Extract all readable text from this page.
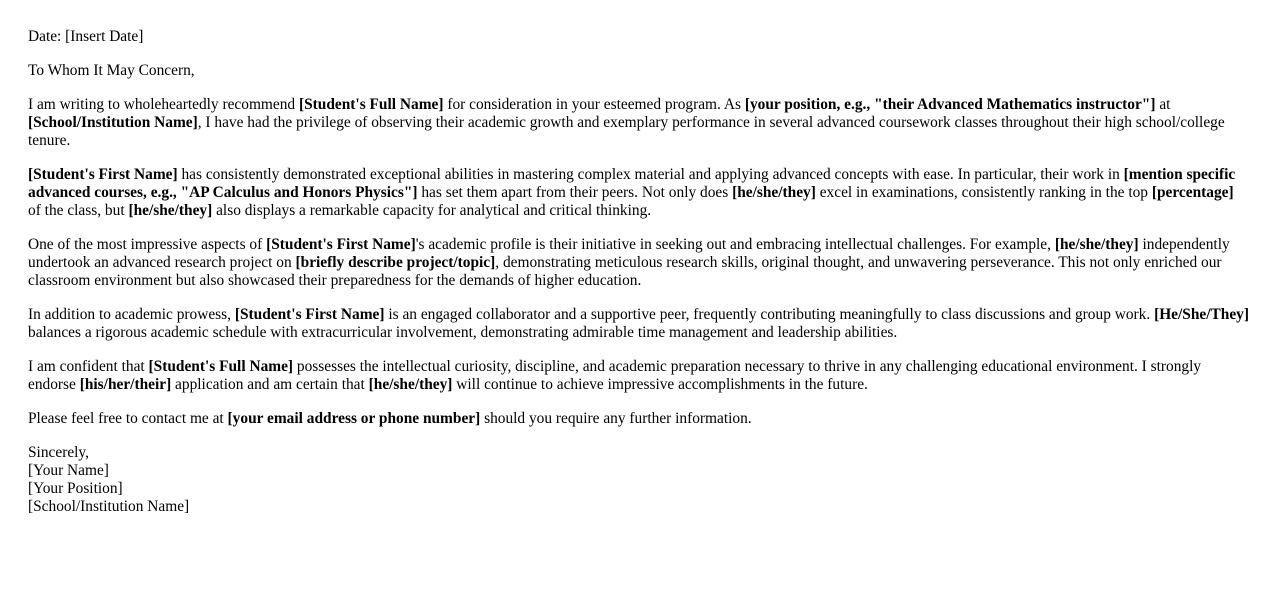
Date: [Insert Date]

To Whom It May Concern,

I am writing to wholeheartedly recommend [Student's Full Name] for consideration in your esteemed program. As [your position, e.g., "their Advanced Mathematics instructor"] at [School/Institution Name], I have had the privilege of observing their academic growth and exemplary performance in several advanced coursework classes throughout their high school/college tenure.

[Student's First Name] has consistently demonstrated exceptional abilities in mastering complex material and applying advanced concepts with ease. In particular, their work in [mention specific advanced courses, e.g., "AP Calculus and Honors Physics"] has set them apart from their peers. Not only does [he/she/they] excel in examinations, consistently ranking in the top [percentage] of the class, but [he/she/they] also displays a remarkable capacity for analytical and critical thinking.

One of the most impressive aspects of [Student's First Name]'s academic profile is their initiative in seeking out and embracing intellectual challenges. For example, [he/she/they] independently undertook an advanced research project on [briefly describe project/topic], demonstrating meticulous research skills, original thought, and unwavering perseverance. This not only enriched our classroom environment but also showcased their preparedness for the demands of higher education.

In addition to academic prowess, [Student's First Name] is an engaged collaborator and a supportive peer, frequently contributing meaningfully to class discussions and group work. [He/She/They] balances a rigorous academic schedule with extracurricular involvement, demonstrating admirable time management and leadership abilities.

I am confident that [Student's Full Name] possesses the intellectual curiosity, discipline, and academic preparation necessary to thrive in any challenging educational environment. I strongly endorse [his/her/their] application and am certain that [he/she/they] will continue to achieve impressive accomplishments in the future.

Please feel free to contact me at [your email address or phone number] should you require any further information.

Sincerely,
[Your Name]
[Your Position]
[School/Institution Name]
